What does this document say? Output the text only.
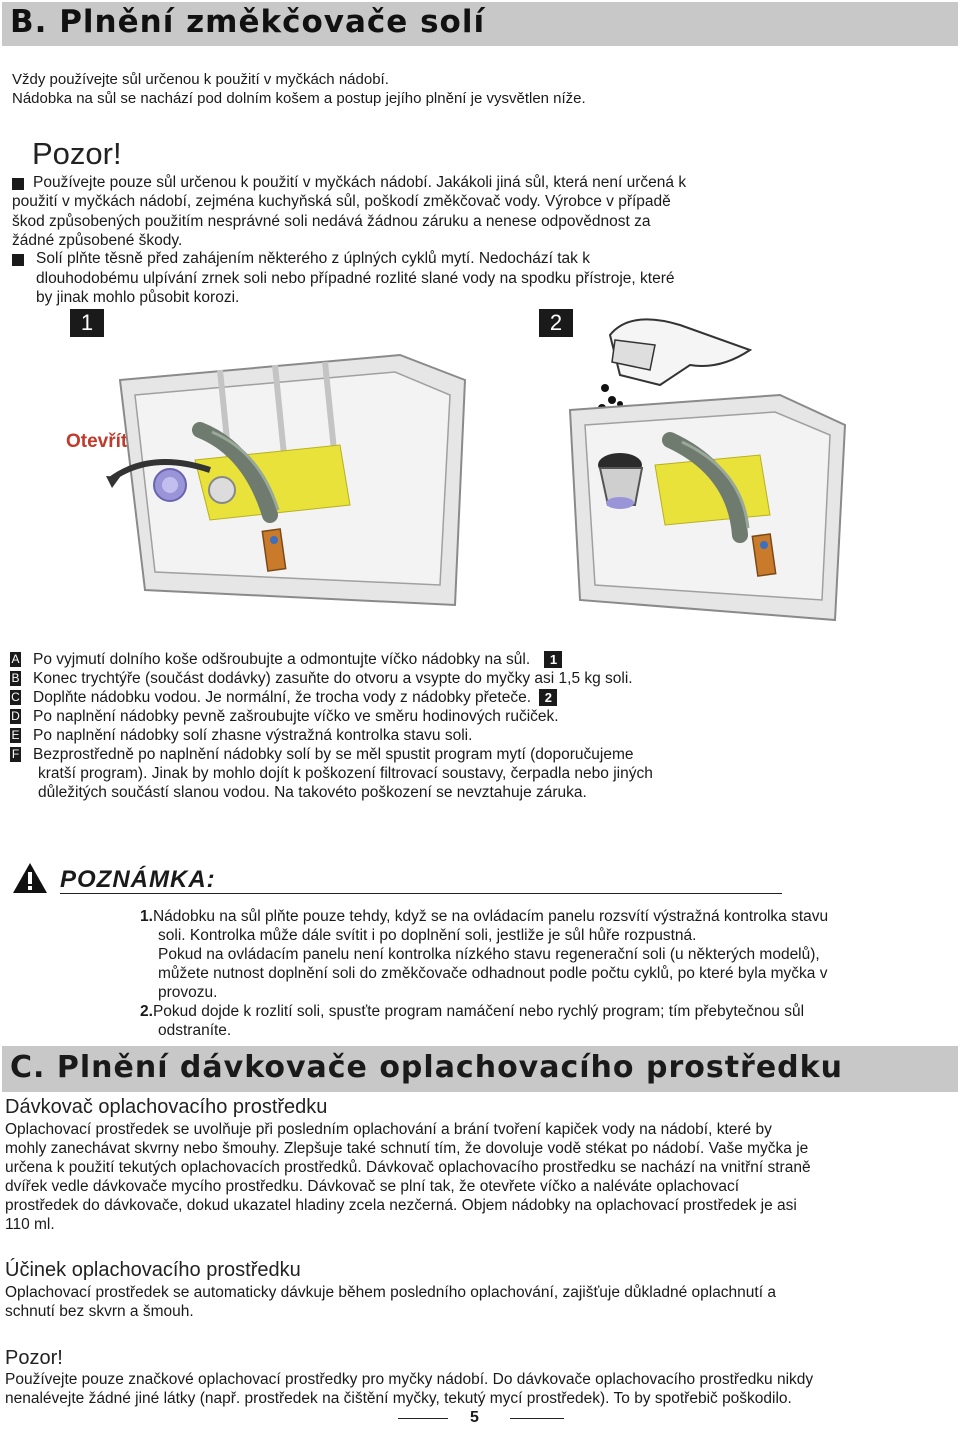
B. Plnění změkčovače solí
Vždy používejte sůl určenou k použití v myčkách nádobí.
Nádobka na sůl se nachází pod dolním košem a postup jejího plnění je vysvětlen níže.
Pozor!
Používejte pouze sůl určenou k použití v myčkách nádobí. Jakákoli jiná sůl, která není určená k
použití v myčkách nádobí, zejména kuchyňská sůl, poškodí změkčovač vody. Výrobce v případě
škod způsobených použitím nesprávné soli nedává žádnou záruku a nenese odpovědnost za
žádné způsobené škody.
Solí plňte těsně před zahájením některého z úplných cyklů mytí. Nedochází tak k
dlouhodobému ulpívání zrnek soli nebo případné rozlité slané vody na spodku přístroje, které
by jinak mohlo působit korozi.
1	2
Otevřít
A Po vyjmutí dolního koše odšroubujte a odmontujte víčko nádobky na sůl. 1
B Konec trychtýře (součást dodávky) zasuňte do otvoru a vsypte do myčky asi 1,5 kg soli.
C Doplňte nádobku vodou. Je normální, že trocha vody z nádobky přeteče. 2
D Po naplnění nádobky pevně zašroubujte víčko ve směru hodinových ručiček.
E Po naplnění nádobky solí zhasne výstražná kontrolka stavu soli.
F Bezprostředně po naplnění nádobky solí by se měl spustit program mytí (doporučujeme
kratší program). Jinak by mohlo dojít k poškození filtrovací soustavy, čerpadla nebo jiných
důležitých součástí slanou vodou. Na takovéto poškození se nevztahuje záruka.
POZNÁMKA:
1.Nádobku na sůl plňte pouze tehdy, když se na ovládacím panelu rozsvítí výstražná kontrolka stavu
soli. Kontrolka může dále svítit i po doplnění soli, jestliže je sůl hůře rozpustná.
Pokud na ovládacím panelu není kontrolka nízkého stavu regenerační soli (u některých modelů),
můžete nutnost doplnění soli do změkčovače odhadnout podle počtu cyklů, po které byla myčka v
provozu.
2.Pokud dojde k rozlití soli, spusťte program namáčení nebo rychlý program; tím přebytečnou sůl
odstraníte.
C. Plnění dávkovače oplachovacího prostředku
Dávkovač oplachovacího prostředku
Oplachovací prostředek se uvolňuje při posledním oplachování a brání tvoření kapiček vody na nádobí, které by
mohly zanechávat skvrny nebo šmouhy. Zlepšuje také schnutí tím, že dovoluje vodě stékat po nádobí. Vaše myčka je
určena k použití tekutých oplachovacích prostředků. Dávkovač oplachovacího prostředku se nachází na vnitřní straně
dvířek vedle dávkovače mycího prostředku. Dávkovač se plní tak, že otevřete víčko a naléváte oplachovací
prostředek do dávkovače, dokud ukazatel hladiny zcela nezčerná. Objem nádobky na oplachovací prostředek je asi
110 ml.
Účinek oplachovacího prostředku
Oplachovací prostředek se automaticky dávkuje během posledního oplachování, zajišťuje důkladné oplachnutí a
schnutí bez skvrn a šmouh.
Pozor!
Používejte pouze značkové oplachovací prostředky pro myčky nádobí. Do dávkovače oplachovacího prostředku nikdy
nenalévejte žádné jiné látky (např. prostředek na čištění myčky, tekutý mycí prostředek). To by spotřebič poškodilo.
5
